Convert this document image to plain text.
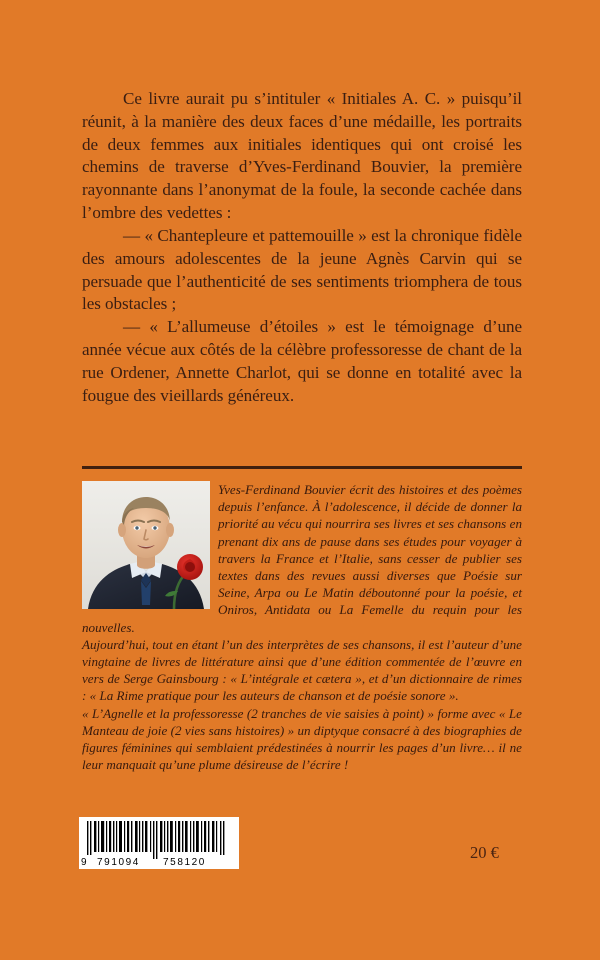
Ce livre aurait pu s’intituler « Initiales A. C. » puisqu’il réunit, à la manière des deux faces d’une médaille, les portraits de deux femmes aux initiales identiques qui ont croisé les chemins de traverse d’Yves-Ferdinand Bouvier, la première rayonnante dans l’anonymat de la foule, la seconde cachée dans l’ombre des vedettes :

— « Chantepleure et pattemouille » est la chronique fidèle des amours adolescentes de la jeune Agnès Carvin qui se persuade que l’authenticité de ses sentiments triomphera de tous les obstacles ;

— « L’allumeuse d’étoiles » est le témoignage d’une année vécue aux côtés de la célèbre professoresse de chant de la rue Ordener, Annette Charlot, qui se donne en totalité avec la fougue des vieillards généreux.

Yves-Ferdinand Bouvier écrit des histoires et des poèmes depuis l’enfance. À l’adolescence, il décide de donner la priorité au vécu qui nourrira ses livres et ses chansons en prenant dix ans de pause dans ses études pour voyager à travers la France et l’Italie, sans cesser de publier ses textes dans des revues aussi diverses que Poésie sur Seine, Arpa ou Le Matin déboutonné pour la poésie, et Oniros, Antidata ou La Femelle du requin pour les nouvelles.

Aujourd’hui, tout en étant l’un des interprètes de ses chansons, il est l’auteur d’une vingtaine de livres de littérature ainsi que d’une édition commentée de l’œuvre en vers de Serge Gainsbourg : « L’intégrale et cætera », et d’un dictionnaire de rimes : « La Rime pratique pour les auteurs de chanson et de poésie sonore ».

« L’Agnelle et la professoresse (2 tranches de vie saisies à point) » forme avec « Le Manteau de joie (2 vies sans histoires) » un diptyque consacré à des biographies de figures féminines qui semblaient prédestinées à nourrir les pages d’un livre… il ne leur manquait qu’une plume désireuse de l’écrire !

9 791094 758120
20 €
